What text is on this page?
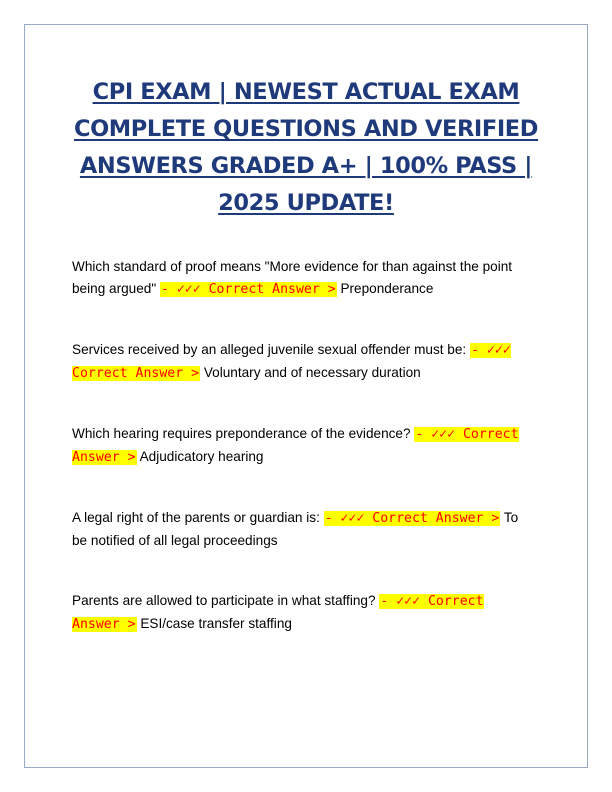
CPI EXAM | NEWEST ACTUAL EXAM COMPLETE QUESTIONS AND VERIFIED ANSWERS GRADED A+ | 100% PASS | 2025 UPDATE!

Which standard of proof means "More evidence for than against the point being argued" - ✓✓✓ Correct Answer > Preponderance

Services received by an alleged juvenile sexual offender must be: - ✓✓✓ Correct Answer > Voluntary and of necessary duration

Which hearing requires preponderance of the evidence? - ✓✓✓ Correct Answer > Adjudicatory hearing

A legal right of the parents or guardian is: - ✓✓✓ Correct Answer > To be notified of all legal proceedings

Parents are allowed to participate in what staffing? - ✓✓✓ Correct Answer > ESI/case transfer staffing
